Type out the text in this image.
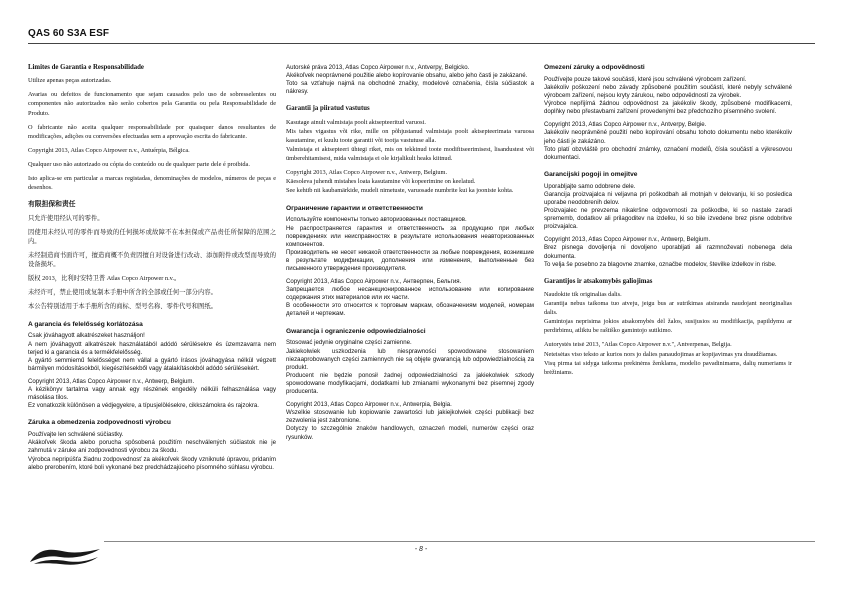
QAS 60 S3A ESF
Limites de Garantia e Responsabilidade

Utilize apenas peças autorizadas.

Avarias ou defeitos de funcionamento que sejam causados pelo uso de sobresselentes ou componentes não autorizados não serão cobertos pela Garantia ou pela Responsabilidade de Produto.

O fabricante não aceita qualquer responsabilidade por quaisquer danos resultantes de modificações, adições ou conversões efectuadas sem a aprovação escrita do fabricante.

Copyright 2013, Atlas Copco Airpower n.v., Antuérpia, Bélgica.

Qualquer uso não autorizado ou cópia do conteúdo ou de qualquer parte dele é proibida.

Isto aplica-se em particular a marcas registadas, denominações de modelos, números de peças e desenhos.

有限担保和责任

只允许使用经认可的零件。

因使用未经认可的零件而导致的任何损坏或故障不在本担保或产品责任所保障的范围之内。

未经制造商书面许可，擅造商概不负责因擅自对设备进行改动、添加附件或改型而导致的设备损坏。

版权 2013，比利时安特卫普 Atlas Copco Airpower n.v.。

未经许可，禁止使用或复制本手册中所含的全部或任何一部分内容。

本公告特别适用于本手册所含的商标、型号名称、零件代号和图纸。

A garancia és felelősség korlátozása

Csak jóváhagyott alkatrészeket használjon!
A nem jóváhagyott alkatrészek használatából adódó sérülésekre és üzemzavarra nem terjed ki a garancia és a termékfelelősség.
A gyártó semmiemű felelősséget nem vállal a gyártó írásos jóváhagyása nélkül végzett bármilyen módosításokból, kiegészítésekből vagy átalakításokból adódó sérülésekért.

Copyright 2013, Atlas Copco Airpower n.v., Antwerp, Belgium.
A kézikönyv tartalma vagy annak egy részének engedély nélküli felhasználása vagy másolása tilos.
Ez vonatkozik különösen a védjegyekre, a típusjelölésekre, cikkszámokra és rajzokra.

Záruka a obmedzenia zodpovednosti výrobcu

Používajte len schválené súčiastky.
Akákoľvek škoda alebo porucha spôsobená použitím neschválených súčiastok nie je zahrnutá v záruke ani zodpovednosti výrobcu za škodu.
Výrobca nepripúšťa žiadnu zodpovednosť za akékoľvek škody vzniknuté úpravou, pridaním alebo prerobením, ktoré boli vykonané bez predchádzajúceho písomného súhlasu výrobcu.

Autorské práva 2013, Atlas Copco Airpower n.v., Antverpy, Belgicko.
Akékoľvek neoprávnené použitie alebo kopírovanie obsahu, alebo jeho časti je zakázané.
Toto sa vzťahuje najmä na obchodné značky, modelové označenia, čísla súčiastok a nákresy.

Garantii ja piiratud vastutus

Kasutage ainult valmistaja poolt aktsepteeritud varuosi.
Mis tahes vigastus või rike, mille on põhjustanud valmistaja poolt aktsepteerimata varuosa kasutamine, ei kuulu toote garantii või tootja vastutuse alla.
Valmistaja ei aktsepteeri ühtegi riket, mis on tekkinud toote modifitseerimisest, lisandustest või ümberehitamisest, mida valmistaja ei ole kirjalikult heaks kiitnud.

Copyright 2013, Atlas Copco Airpower n.v., Antwerp, Belgium.
Käesoleva juhendi mistahes loata kasutamine või kopeerimine on keelatud.
See kehtib nii kaubamärkide, mudeli nimetuste, varuosade numbrite kui ka jooniste kohta.

Ограничение гарантии и ответственности

Используйте компоненты только авторизованных поставщиков.
Не распространяется гарантия и ответственность за продукцию при любых повреждениях или неисправностях в результате использования неавторизованных компонентов.
Производитель не несет никакой ответственности за любые повреждения, возникшие в результате модификации, дополнения или изменения, выполненные без письменного утверждения производителя.

Copyright 2013, Atlas Copco Airpower n.v., Антверпен, Бельгия.
Запрещается любое несанкционированное использование или копирование содержания этих материалов или их части.
В особенности это относится к торговым маркам, обозначениям моделей, номерам деталей и чертежам.

Gwarancja i ograniczenie odpowiedzialności

Stosować jedynie oryginalne części zamienne.
Jakiekolwiek uszkodzenia lub niesprawności spowodowane stosowaniem niezaaprobowanych części zamiennych nie są objęte gwarancją lub odpowiedzialnością za produkt.
Producent nie będzie ponosił żadnej odpowiedzialności za jakiekolwiek szkody spowodowane modyfikacjami, dodatkami lub zmianami wykonanymi bez pisemnej zgody producenta.

Copyright 2013, Atlas Copco Airpower n.v., Antwerpia, Belgia.
Wszelkie stosowanie lub kopiowanie zawartości lub jakiejkolwiek części publikacji bez zezwolenia jest zabronione.
Dotyczy to szczególnie znaków handlowych, oznaczeń modeli, numerów części oraz rysunków.

Omezení záruky a odpovědnosti

Používejte pouze takové součásti, které jsou schválené výrobcem zařízení.
Jakékoliv poškození nebo závady způsobené použitím součástí, které nebyly schválené výrobcem zařízení, nejsou kryty zárukou, nebo odpovědností za výrobek.
Výrobce nepřijímá žádnou odpovědnost za jakékoliv škody, způsobené modifikacemi, doplňky nebo přestavbami zařízení provedenými bez předchozího písemného svolení.

Copyright 2013, Atlas Copco Airpower n.v., Antverpy, Belgie.
Jakékoliv neoprávněné použití nebo kopírování obsahu tohoto dokumentu nebo kterékoliv jeho části je zakázáno.
Toto platí obzvláště pro obchodní známky, označení modelů, čísla součástí a výkresovou dokumentaci.

Garancijski pogoji in omejitve

Uporabljajte samo odobrene dele.
Garancija proizvajalca ni veljavna pri poškodbah ali motnjah v delovanju, ki so posledica uporabe neodobrenih delov.
Proizvajalec ne prevzema nikakršne odgovornosti za poškodbe, ki so nastale zaradi sprememb, dodatkov ali prilagoditev na izdelku, ki so bile izvedene brez pisne odobritve proizvajalca.

Copyright 2013, Atlas Copco Airpower n.v., Antwerp, Belgium.
Brez pisnega dovoljenja ni dovoljeno uporabljati ali razmnoževati nobenega dela dokumenta.
To velja še posebno za blagovne znamke, označbe modelov, številke izdelkov in risbe.

Garantijos ir atsakomybės galiojimas

Naudokite tik originalias dalis.
Garantija nebus taikoma tuo atveju, jeigu bus ar sutrikimas atsiranda naudojant neoriginalias dalis.
Gamintojas neprisima jokios atsakomybės dėl žalos, susijusios su modifikacija, papildymu ar perdirbimu, atliktu be raštiško gamintojo sutikimo.

Autorystės teisė 2013, "Atlas Copco Airpower n.v.", Antverpenas, Belgija.
Neteisėtas viso teksto ar kurios nors jo dalies panaudojimas ar kopijavimas yra draudžiamas.
Visų pirma tai sidyga taikoma prekinėms ženklams, modelio pavadinimams, dalių numeriams ir brėžiniams.

- 8 -
